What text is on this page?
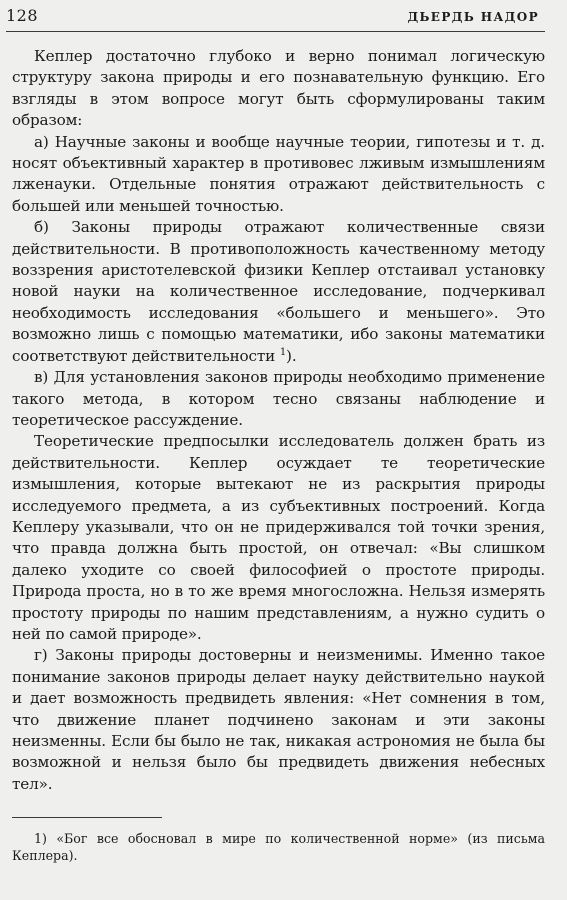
128	ДЬЕРДЬ НАДОР

Кеплер достаточно глубоко и верно понимал логическую структуру закона природы и его познавательную функцию. Его взгляды в этом вопросе могут быть сформулированы таким образом:

а) Научные законы и вообще научные теории, гипотезы и т. д. носят объективный характер в противовес лживым измышлениям лженауки. Отдельные понятия отражают действительность с большей или меньшей точностью.

б) Законы природы отражают количественные связи действительности. В противоположность качественному методу воззрения аристотелевской физики Кеплер отстаивал установку новой науки на количественное исследование, подчеркивал необходимость исследования «большего и меньшего». Это возможно лишь с помощью математики, ибо законы математики соответствуют действительности $^1$).

в) Для установления законов природы необходимо применение такого метода, в котором тесно связаны наблюдение и теоретическое рассуждение.

Теоретические предпосылки исследователь должен брать из действительности. Кеплер осуждает те теоретические измышления, которые вытекают не из раскрытия природы исследуемого предмета, а из субъективных построений. Когда Кеплеру указывали, что он не придерживался той точки зрения, что правда должна быть простой, он отвечал: «Вы слишком далеко уходите со своей философией о простоте природы. Природа проста, но в то же время многосложна. Нельзя измерять простоту природы по нашим представлениям, а нужно судить о ней по самой природе».

г) Законы природы достоверны и неизменимы. Именно такое понимание законов природы делает науку действительно наукой и дает возможность предвидеть явления: «Нет сомнения в том, что движение планет подчинено законам и эти законы неизменны. Если бы было не так, никакая астрономия не была бы возможной и нельзя было бы предвидеть движения небесных тел».

1) «Бог все обосновал в мире по количественной норме» (из письма Кеплера).
